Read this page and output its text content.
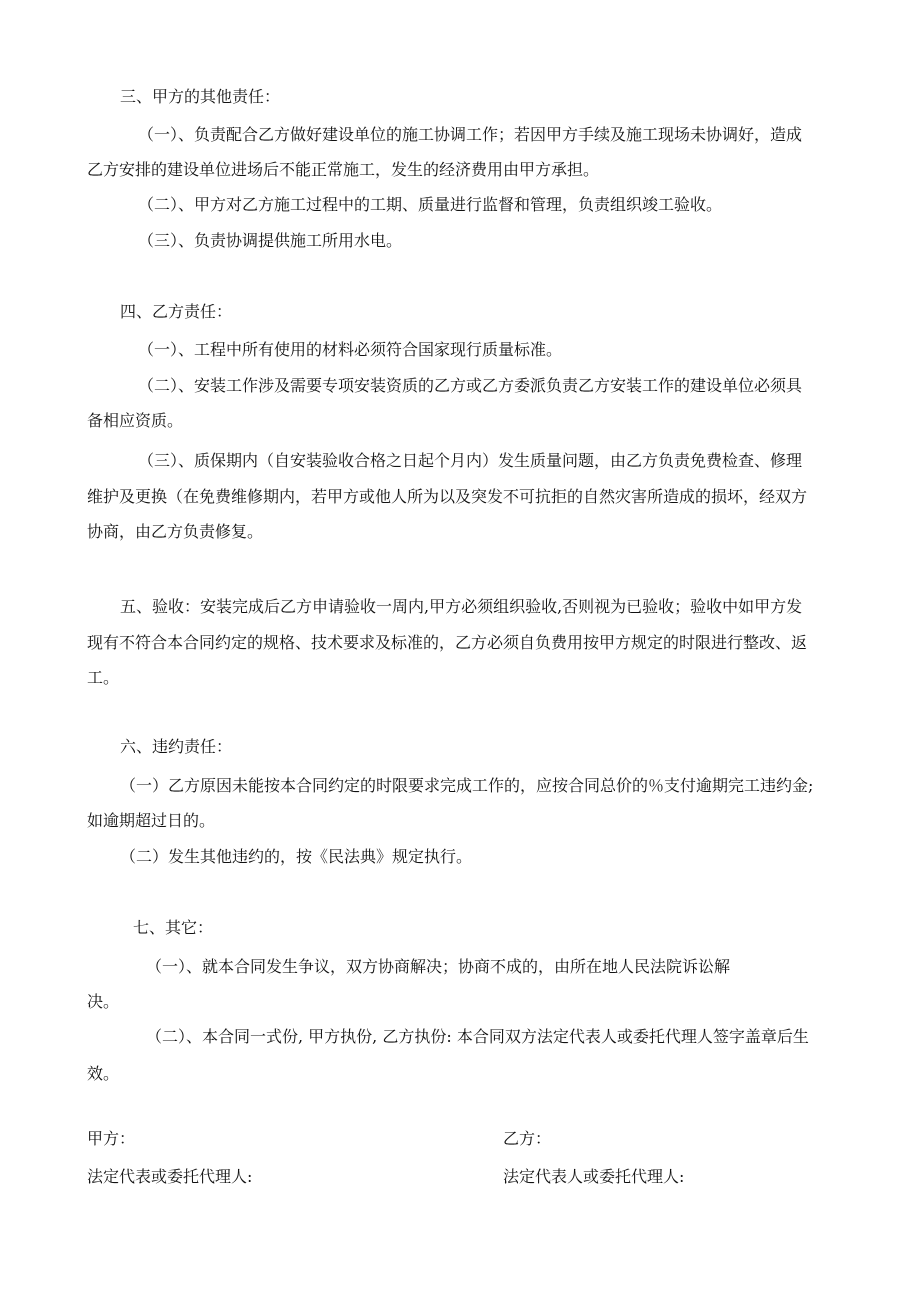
三、甲方的其他责任：
（一）、负责配合乙方做好建设单位的施工协调工作；若因甲方手续及施工现场未协调好，造成
乙方安排的建设单位进场后不能正常施工，发生的经济费用由甲方承担。
（二）、甲方对乙方施工过程中的工期、质量进行监督和管理，负责组织竣工验收。
（三）、负责协调提供施工所用水电。
四、乙方责任：
（一）、工程中所有使用的材料必须符合国家现行质量标准。
（二）、安装工作涉及需要专项安装资质的乙方或乙方委派负责乙方安装工作的建设单位必须具
备相应资质。
（三）、质保期内（自安装验收合格之日起个月内）发生质量问题，由乙方负责免费检查、修理
维护及更换（在免费维修期内，若甲方或他人所为以及突发不可抗拒的自然灾害所造成的损坏，经双方
协商，由乙方负责修复。
五、验收：安装完成后乙方申请验收一周内,甲方必须组织验收,否则视为已验收；验收中如甲方发
现有不符合本合同约定的规格、技术要求及标准的，乙方必须自负费用按甲方规定的时限进行整改、返
工。
六、违约责任：
（一）乙方原因未能按本合同约定的时限要求完成工作的，应按合同总价的％支付逾期完工违约金;
如逾期超过日的。
（二）发生其他违约的，按《民法典》规定执行。
七、其它：
（一）、就本合同发生争议，双方协商解决；协商不成的，由所在地人民法院诉讼解
决。
（二）、本合同一式份, 甲方执份, 乙方执份: 本合同双方法定代表人或委托代理人签字盖章后生
效。
甲方：	乙方：
法定代表或委托代理人:	法定代表人或委托代理人:
